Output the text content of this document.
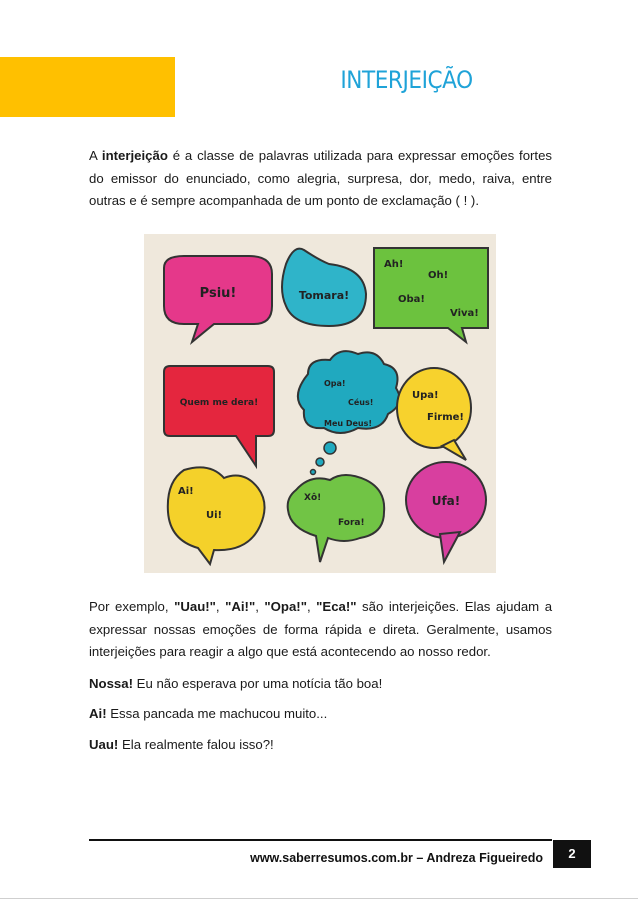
INTERJEIÇÃO

A interjeição é a classe de palavras utilizada para expressar emoções fortes do emissor do enunciado, como alegria, surpresa, dor, medo, raiva, entre outras e é sempre acompanhada de um ponto de exclamação ( ! ).

Psiu!	Tomara!
Ah!
Oh!
Oba!
Viva!
Quem me dera!
Opa!
Céus!
Meu Deus!
Upa!
Firme!
Ai!
Ui!
Xô!
Fora!
Ufa!

Por exemplo, "Uau!", "Ai!", "Opa!", "Eca!" são interjeições. Elas ajudam a expressar nossas emoções de forma rápida e direta. Geralmente, usamos interjeições para reagir a algo que está acontecendo ao nosso redor.

Nossa! Eu não esperava por uma notícia tão boa!

Ai! Essa pancada me machucou muito...

Uau! Ela realmente falou isso?!

www.saberresumos.com.br – Andreza Figueiredo	2
